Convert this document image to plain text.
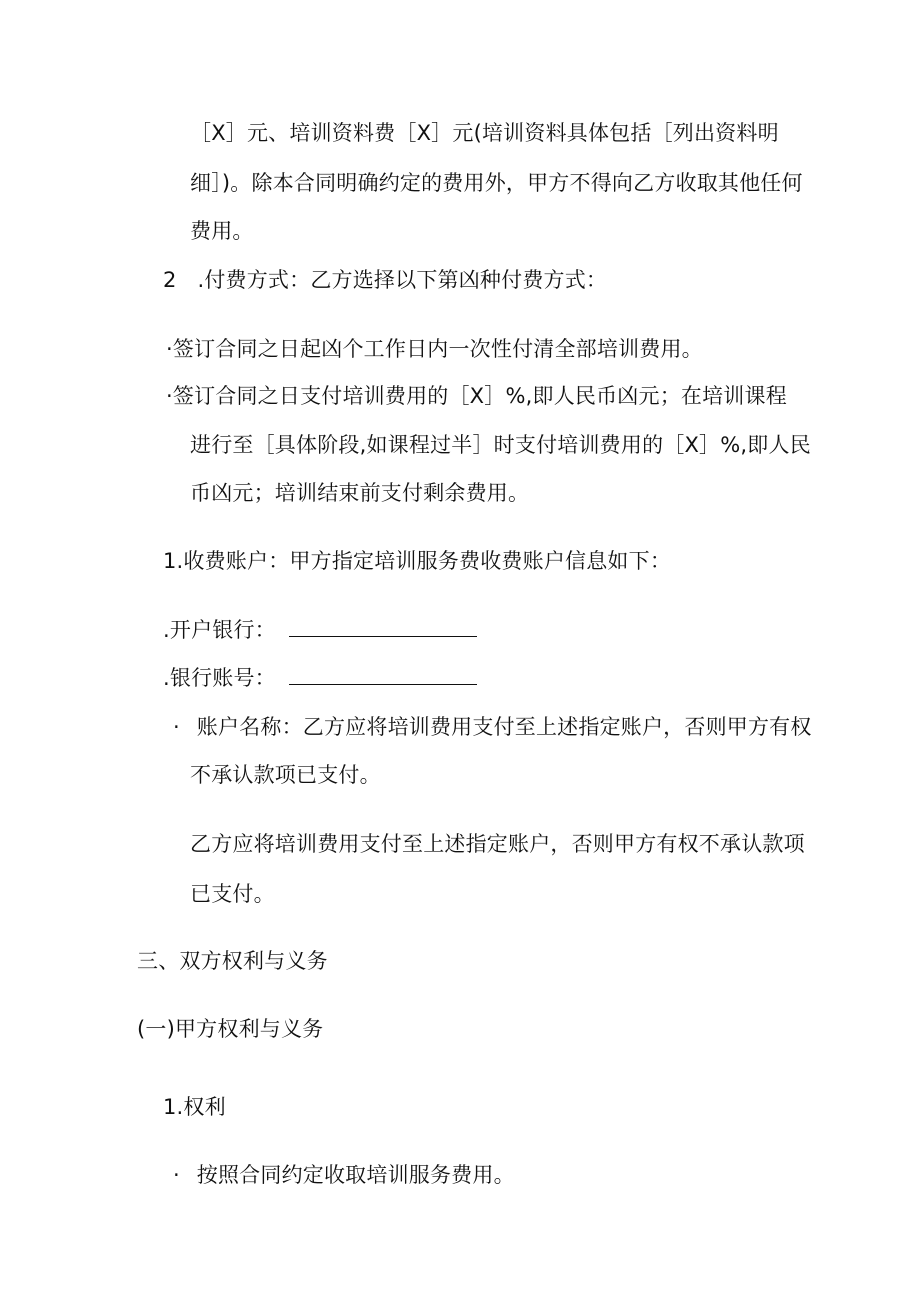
［X］元、培训资料费［X］元(培训资料具体包括［列出资料明
细］)。除本合同明确约定的费用外，甲方不得向乙方收取其他任何
费用。
2 .付费方式：乙方选择以下第凶种付费方式：
·签订合同之日起凶个工作日内一次性付清全部培训费用。
·签订合同之日支付培训费用的［X］%,即人民币凶元；在培训课程
进行至［具体阶段,如课程过半］时支付培训费用的［X］%,即人民
币凶元；培训结束前支付剩余费用。
1.收费账户：甲方指定培训服务费收费账户信息如下：
.开户银行：
.银行账号：
· 账户名称：乙方应将培训费用支付至上述指定账户，否则甲方有权
不承认款项已支付。
乙方应将培训费用支付至上述指定账户，否则甲方有权不承认款项
已支付。
三、双方权利与义务
(一)甲方权利与义务
1.权利
· 按照合同约定收取培训服务费用。
